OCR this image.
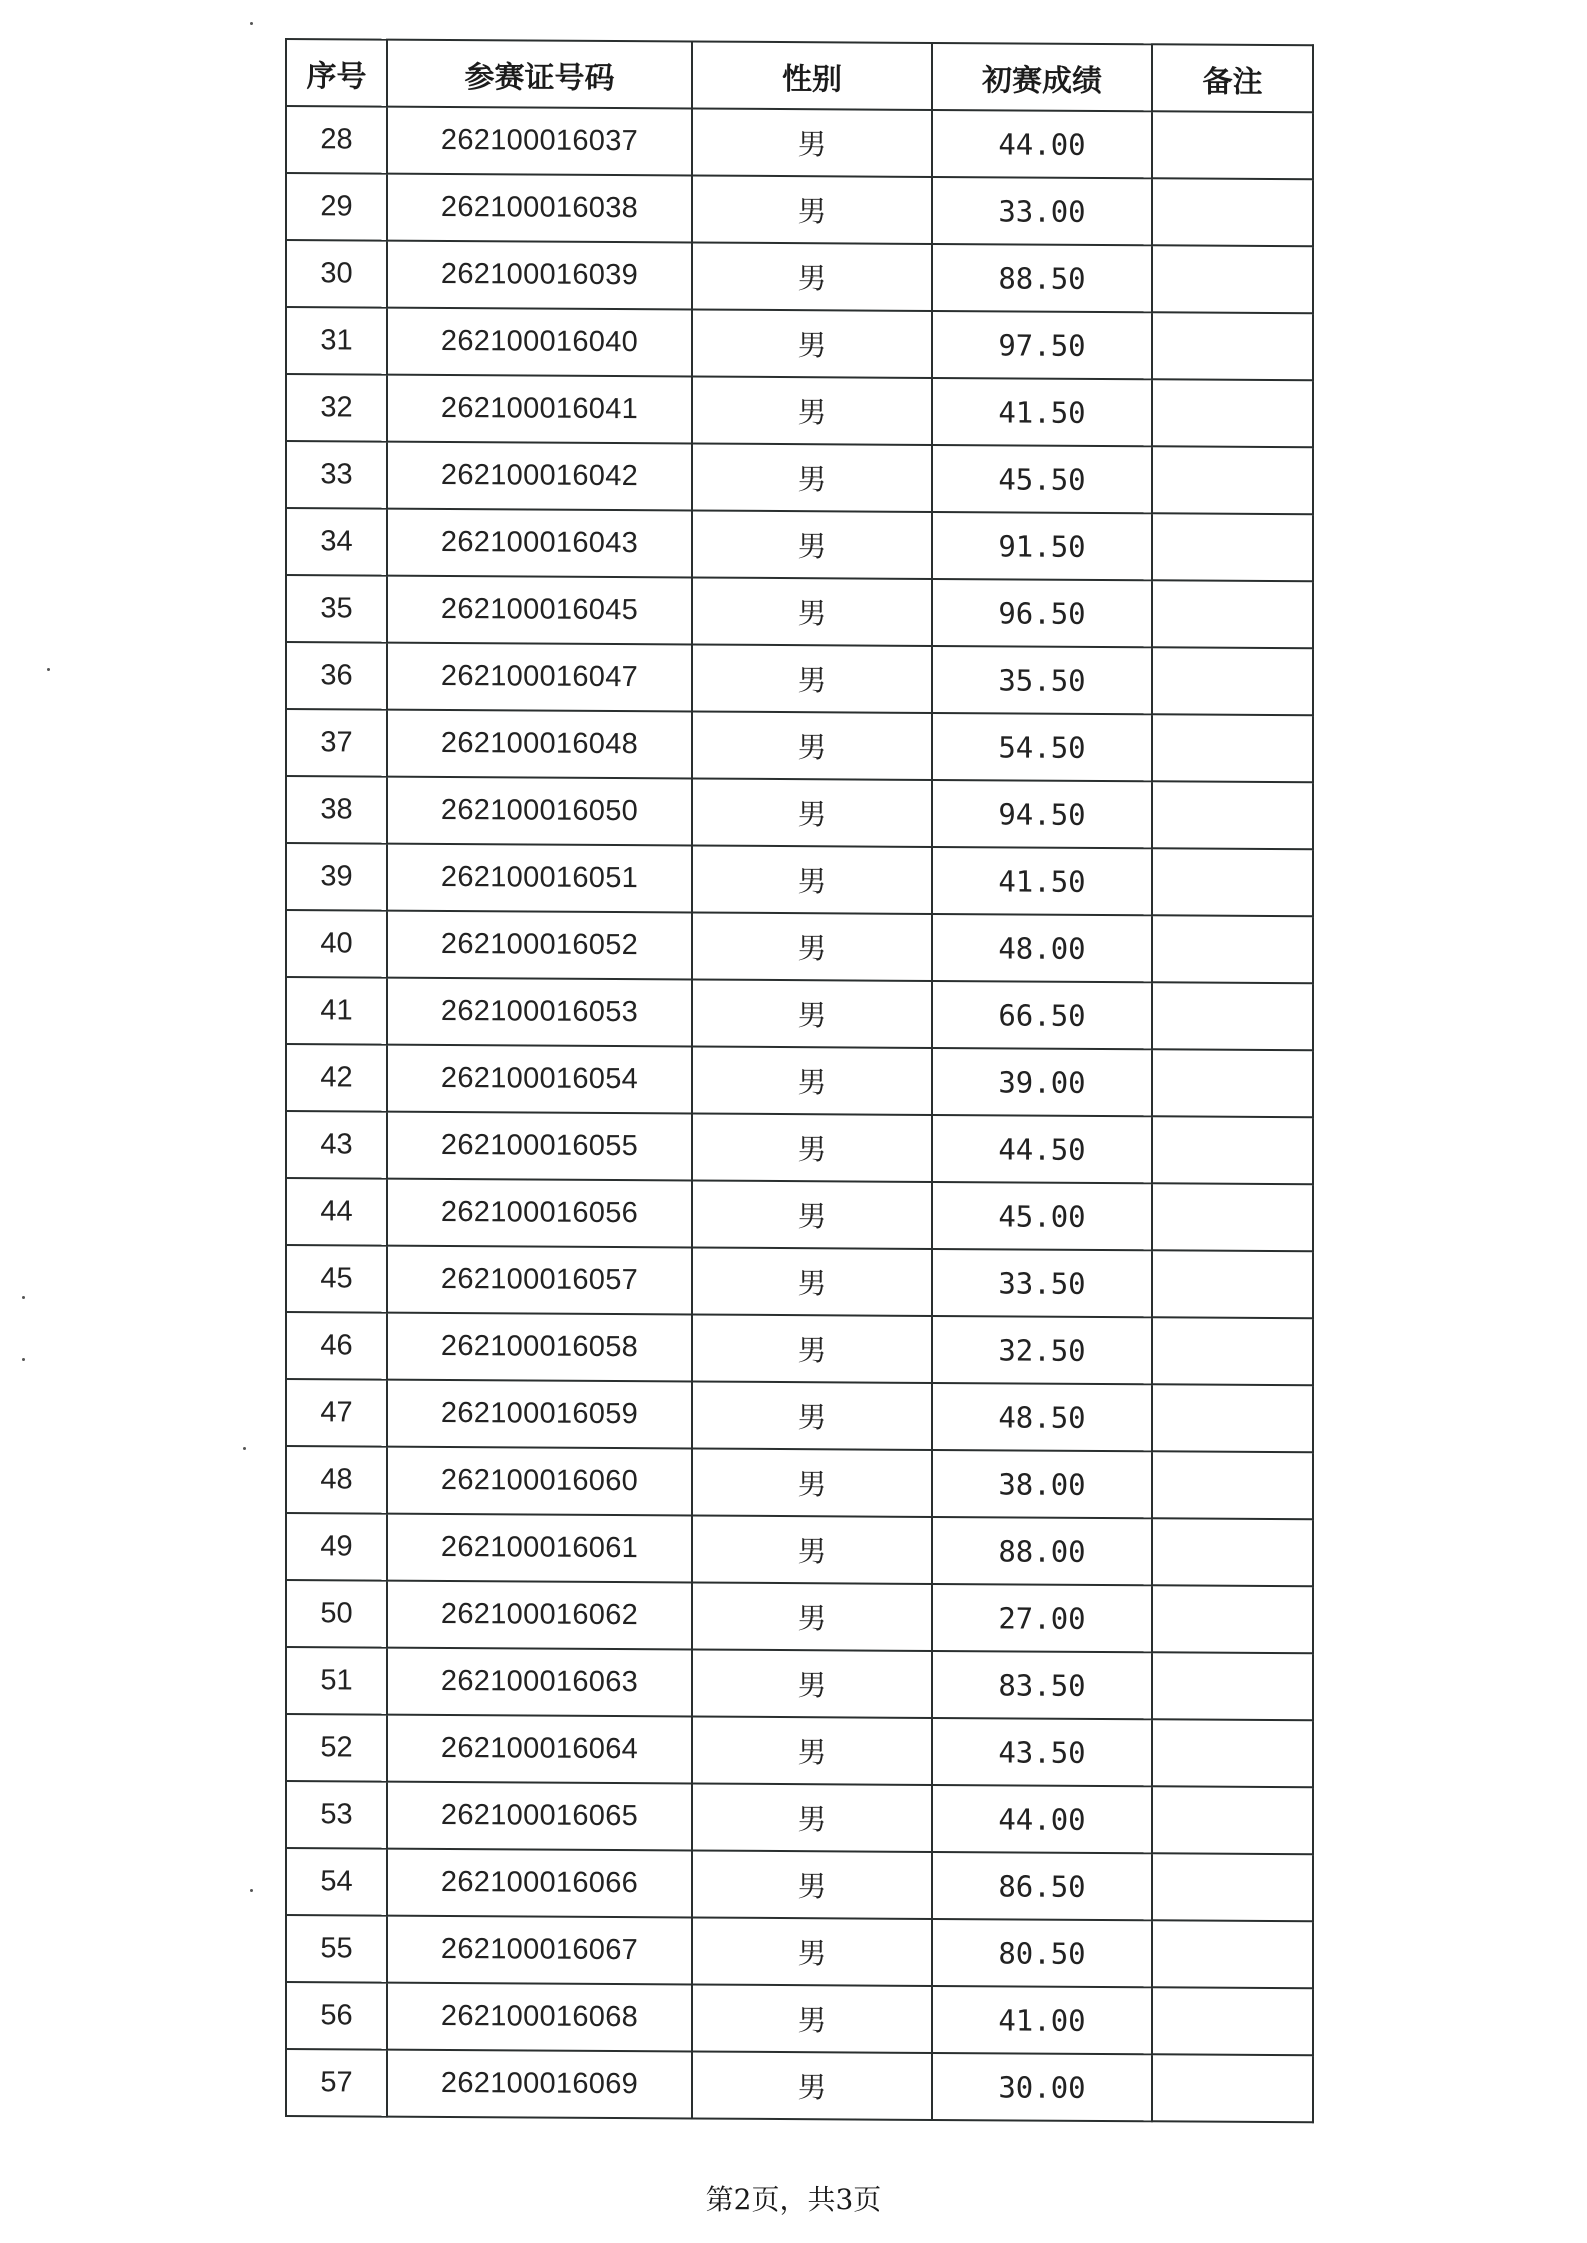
序号	参赛证号码	性别	初赛成绩	备注
28	262100016037	男	44.00	
29	262100016038	男	33.00	
30	262100016039	男	88.50	
31	262100016040	男	97.50	
32	262100016041	男	41.50	
33	262100016042	男	45.50	
34	262100016043	男	91.50	
35	262100016045	男	96.50	
36	262100016047	男	35.50	
37	262100016048	男	54.50	
38	262100016050	男	94.50	
39	262100016051	男	41.50	
40	262100016052	男	48.00	
41	262100016053	男	66.50	
42	262100016054	男	39.00	
43	262100016055	男	44.50	
44	262100016056	男	45.00	
45	262100016057	男	33.50	
46	262100016058	男	32.50	
47	262100016059	男	48.50	
48	262100016060	男	38.00	
49	262100016061	男	88.00	
50	262100016062	男	27.00	
51	262100016063	男	83.50	
52	262100016064	男	43.50	
53	262100016065	男	44.00	
54	262100016066	男	86.50	
55	262100016067	男	80.50	
56	262100016068	男	41.00	
57	262100016069	男	30.00	
第2页，共3页
